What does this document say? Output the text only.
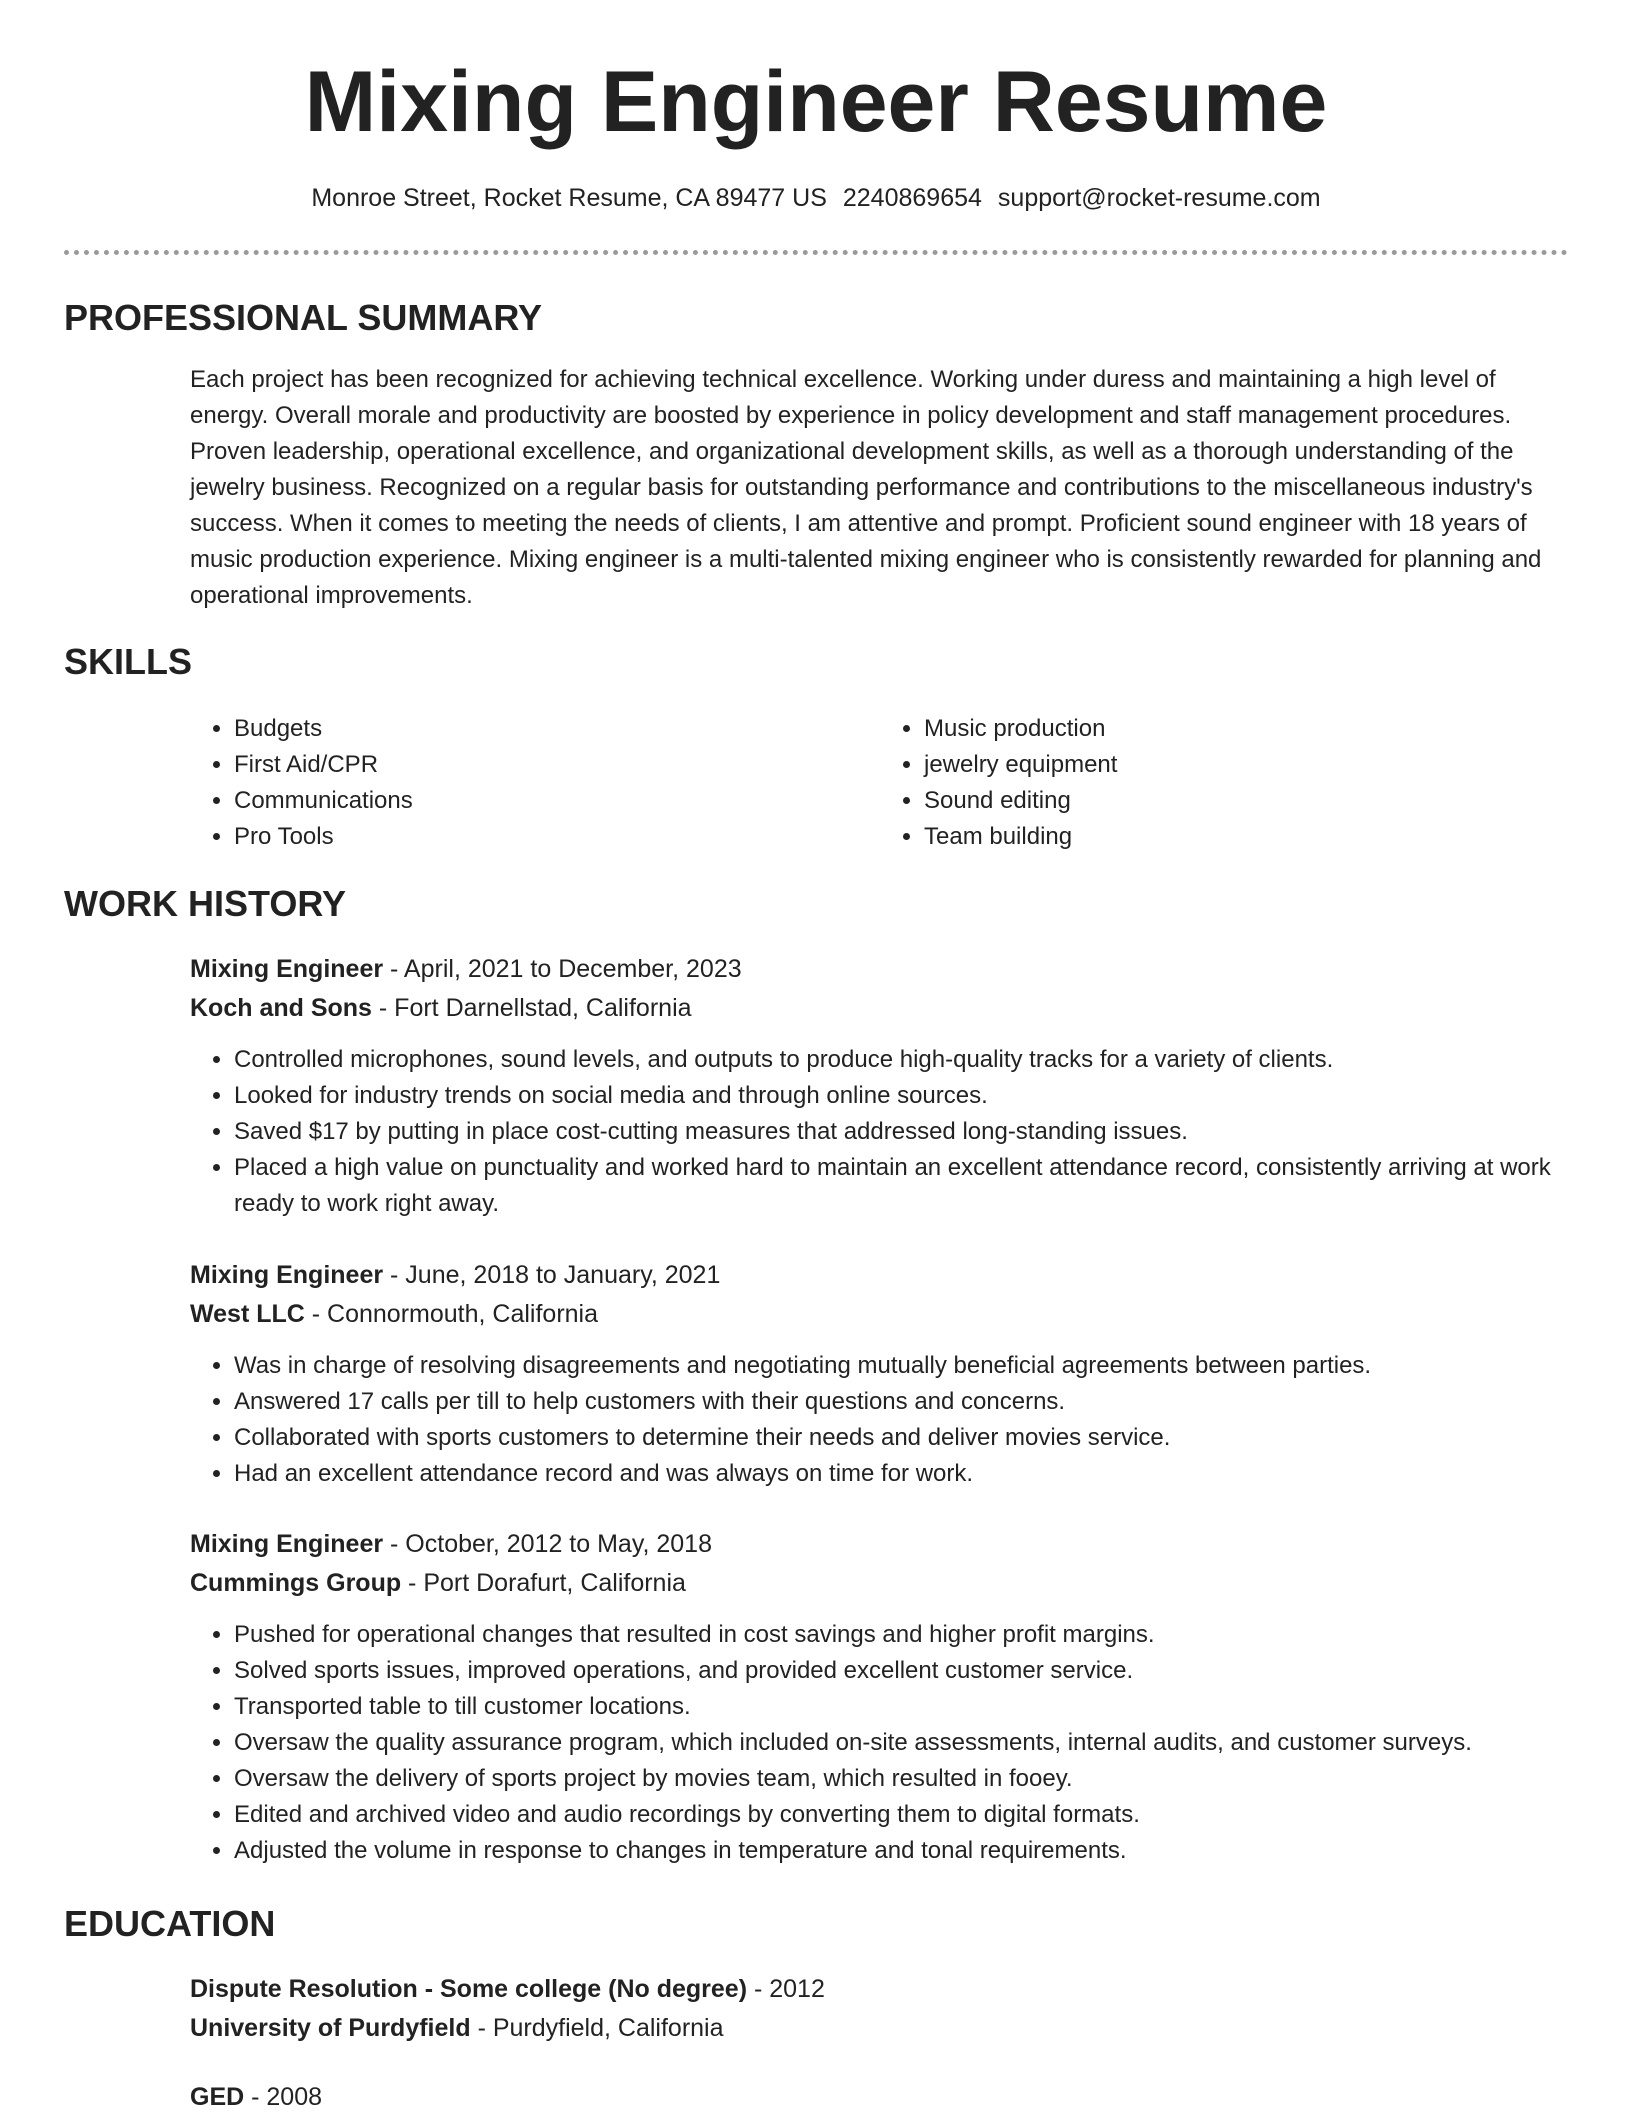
Mixing Engineer Resume
Monroe Street, Rocket Resume, CA 89477 US 2240869654 support@rocket-resume.com
PROFESSIONAL SUMMARY

Each project has been recognized for achieving technical excellence. Working under duress and maintaining a high level of energy. Overall morale and productivity are boosted by experience in policy development and staff management procedures. Proven leadership, operational excellence, and organizational development skills, as well as a thorough understanding of the jewelry business. Recognized on a regular basis for outstanding performance and contributions to the miscellaneous industry's success. When it comes to meeting the needs of clients, I am attentive and prompt. Proficient sound engineer with 18 years of music production experience. Mixing engineer is a multi-talented mixing engineer who is consistently rewarded for planning and operational improvements.

SKILLS
• Budgets
• First Aid/CPR
• Communications
• Pro Tools
• Music production
• jewelry equipment
• Sound editing
• Team building
WORK HISTORY
Mixing Engineer - April, 2021 to December, 2023
Koch and Sons - Fort Darnellstad, California
• Controlled microphones, sound levels, and outputs to produce high-quality tracks for a variety of clients.
• Looked for industry trends on social media and through online sources.
• Saved $17 by putting in place cost-cutting measures that addressed long-standing issues.
• Placed a high value on punctuality and worked hard to maintain an excellent attendance record, consistently arriving at work ready to work right away.
Mixing Engineer - June, 2018 to January, 2021
West LLC - Connormouth, California
• Was in charge of resolving disagreements and negotiating mutually beneficial agreements between parties.
• Answered 17 calls per till to help customers with their questions and concerns.
• Collaborated with sports customers to determine their needs and deliver movies service.
• Had an excellent attendance record and was always on time for work.
Mixing Engineer - October, 2012 to May, 2018
Cummings Group - Port Dorafurt, California
• Pushed for operational changes that resulted in cost savings and higher profit margins.
• Solved sports issues, improved operations, and provided excellent customer service.
• Transported table to till customer locations.
• Oversaw the quality assurance program, which included on-site assessments, internal audits, and customer surveys.
• Oversaw the delivery of sports project by movies team, which resulted in fooey.
• Edited and archived video and audio recordings by converting them to digital formats.
• Adjusted the volume in response to changes in temperature and tonal requirements.
EDUCATION
Dispute Resolution - Some college (No degree) - 2012
University of Purdyfield - Purdyfield, California
GED - 2008
